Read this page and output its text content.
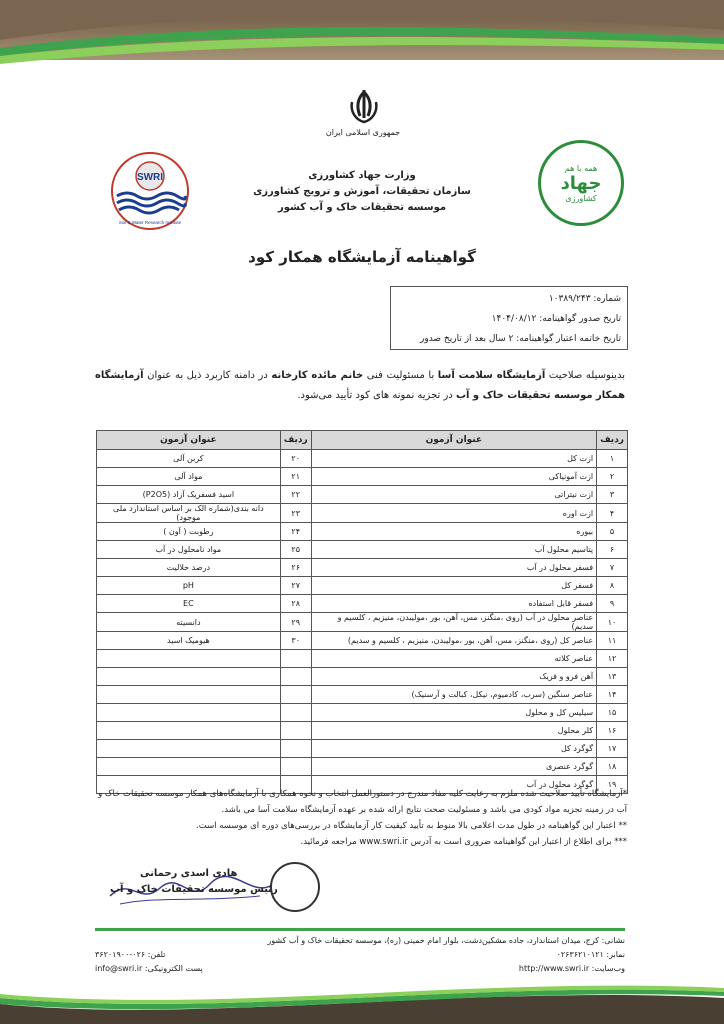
جمهوری اسلامی ایران
SWRI
Soil & Water Research Institute
همه با هم
جهاد
کشاورزی
وزارت جهاد کشاورزی
سازمان تحقیقات، آموزش و ترویج کشاورزی
موسسه تحقیقات خاک و آب کشور
گواهینامه آزمایشگاه همکار کود
شماره: ۱۰۳۸۹/۲۴۳
تاریخ صدور گواهینامه: ۱۴۰۴/۰۸/۱۲
تاریخ خاتمه اعتبار گواهینامه: ۲ سال بعد از تاریخ صدور
بدینوسیله صلاحیت آزمایشگاه سلامت آسا با مسئولیت فنی خانم مائده کارخانه در دامنه کاربرد ذیل به عنوان آزمایشگاه همکار موسسه تحقیقات خاک و آب در تجزیه نمونه های کود تأیید می‌شود.
ردیف	عنوان آزمون	ردیف	عنوان آزمون
۱	ازت کل	۲۰	کربن آلی
۲	ازت آمونیاکی	۲۱	مواد آلی
۳	ازت نیتراتی	۲۲	اسید فسفریک آزاد (P2O5)
۴	ازت اوره	۲۳	دانه بندی(شماره الک بر اساس استاندارد ملی موجود)
۵	بیوره	۲۴	رطوبت ( آون )
۶	پتاسیم محلول آب	۲۵	مواد نامحلول در آب
۷	فسفر محلول در آب	۲۶	درصد حلالیت
۸	فسفر کل	۲۷	pH
۹	فسفر قابل استفاده	۲۸	EC
۱۰	عناصر محلول در آب (روی ،منگنز، مس، آهن، بور ،مولیبدن، منیزیم ، کلسیم و سدیم)	۲۹	دانسیته
۱۱	عناصر کل (روی ،منگنز، مس، آهن، بور ،مولیبدن، منیزیم ، کلسیم و سدیم)	۳۰	هیومیک اسید
۱۲	عناصر کلاته		
۱۳	آهن فرو و فریک		
۱۴	عناصر سنگین (سرب، کادمیوم، نیکل، کبالت و آرسنیک)		
۱۵	سیلیس کل و محلول		
۱۶	کلر محلول		
۱۷	گوگرد کل		
۱۸	گوگرد عنصری		
۱۹	گوگرد محلول در آب		
*آزمایشگاه تأیید صلاحیت شده ملزم به رعایت کلیه مفاد مندرج در دستورالعمل انتخاب و نحوه همکاری با آزمایشگاه‌های همکار موسسه تحقیقات خاک و آب در زمینه تجزیه مواد کودی می باشد و مسئولیت صحت نتایج ارائه شده بر عهده آزمایشگاه سلامت آسا می باشد.
** اعتبار این گواهینامه در طول مدت اعلامی بالا منوط به تأیید کیفیت کار آزمایشگاه در بررسی‌های دوره ای موسسه است.
*** برای اطلاع از اعتبار این گواهینامه ضروری است به آدرس www.swri.ir مراجعه فرمائید.
هادی اسدی رحمانی
رئیس موسسه تحقیقات خاک و آب
نشانی: کرج، میدان استاندارد، جاده مشکین‌دشت، بلوار امام خمینی (ره)، موسسه تحقیقات خاک و آب کشور
نمابر: ۰۲۶۳۶۲۱۰۱۲۱
تلفن: ۰۲۶-۳۶۲۰۱۹۰۰
وب‌سایت: http://www.swri.ir
پست الکترونیکی: info@swri.ir
